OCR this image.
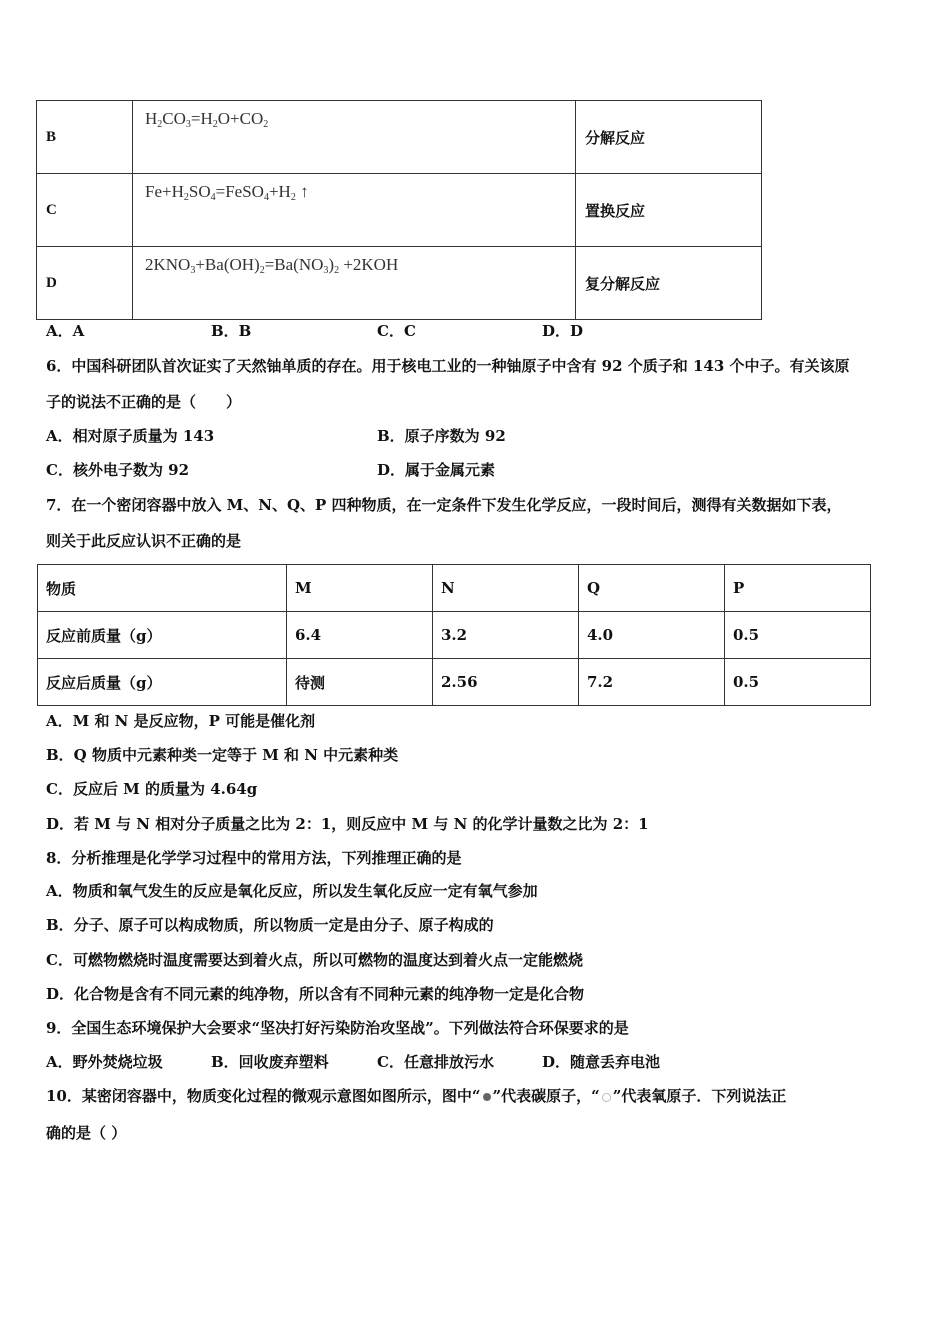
B	$H_2CO_3=H_2O+CO_2$	分解反应
C	$Fe+H_2SO_4=FeSO_4+H_2$ ↑	置换反应
D	$2KNO_3+Ba(OH)_2=Ba(NO_3)_2 +2KOH$	复分解反应
A．A	B．B	C．C	D．D
6．中国科研团队首次证实了天然铀单质的存在。用于核电工业的一种铀原子中含有 92 个质子和 143 个中子。有关该原
子的说法不正确的是（　　）
A．相对原子质量为 143	B．原子序数为 92
C．核外电子数为 92	D．属于金属元素
7．在一个密闭容器中放入 M、N、Q、P 四种物质，在一定条件下发生化学反应，一段时间后，测得有关数据如下表，
则关于此反应认识不正确的是
物质	M	N	Q	P
反应前质量（g）	6.4	3.2	4.0	0.5
反应后质量（g）	待测	2.56	7.2	0.5
A．M 和 N 是反应物，P 可能是催化剂
B．Q 物质中元素种类一定等于 M 和 N 中元素种类
C．反应后 M 的质量为 4.64g
D．若 M 与 N 相对分子质量之比为 2：1，则反应中 M 与 N 的化学计量数之比为 2：1
8．分析推理是化学学习过程中的常用方法，下列推理正确的是
A．物质和氧气发生的反应是氧化反应，所以发生氧化反应一定有氧气参加
B．分子、原子可以构成物质，所以物质一定是由分子、原子构成的
C．可燃物燃烧时温度需要达到着火点，所以可燃物的温度达到着火点一定能燃烧
D．化合物是含有不同元素的纯净物，所以含有不同种元素的纯净物一定是化合物
9．全国生态环境保护大会要求“坚决打好污染防治攻坚战”。下列做法符合环保要求的是
A．野外焚烧垃圾	B．回收废弃塑料	C．任意排放污水	D．随意丢弃电池
10．某密闭容器中，物质变化过程的微观示意图如图所示，图中“ ”代表碳原子，“ ”代表氧原子．下列说法正
确的是（ ）
